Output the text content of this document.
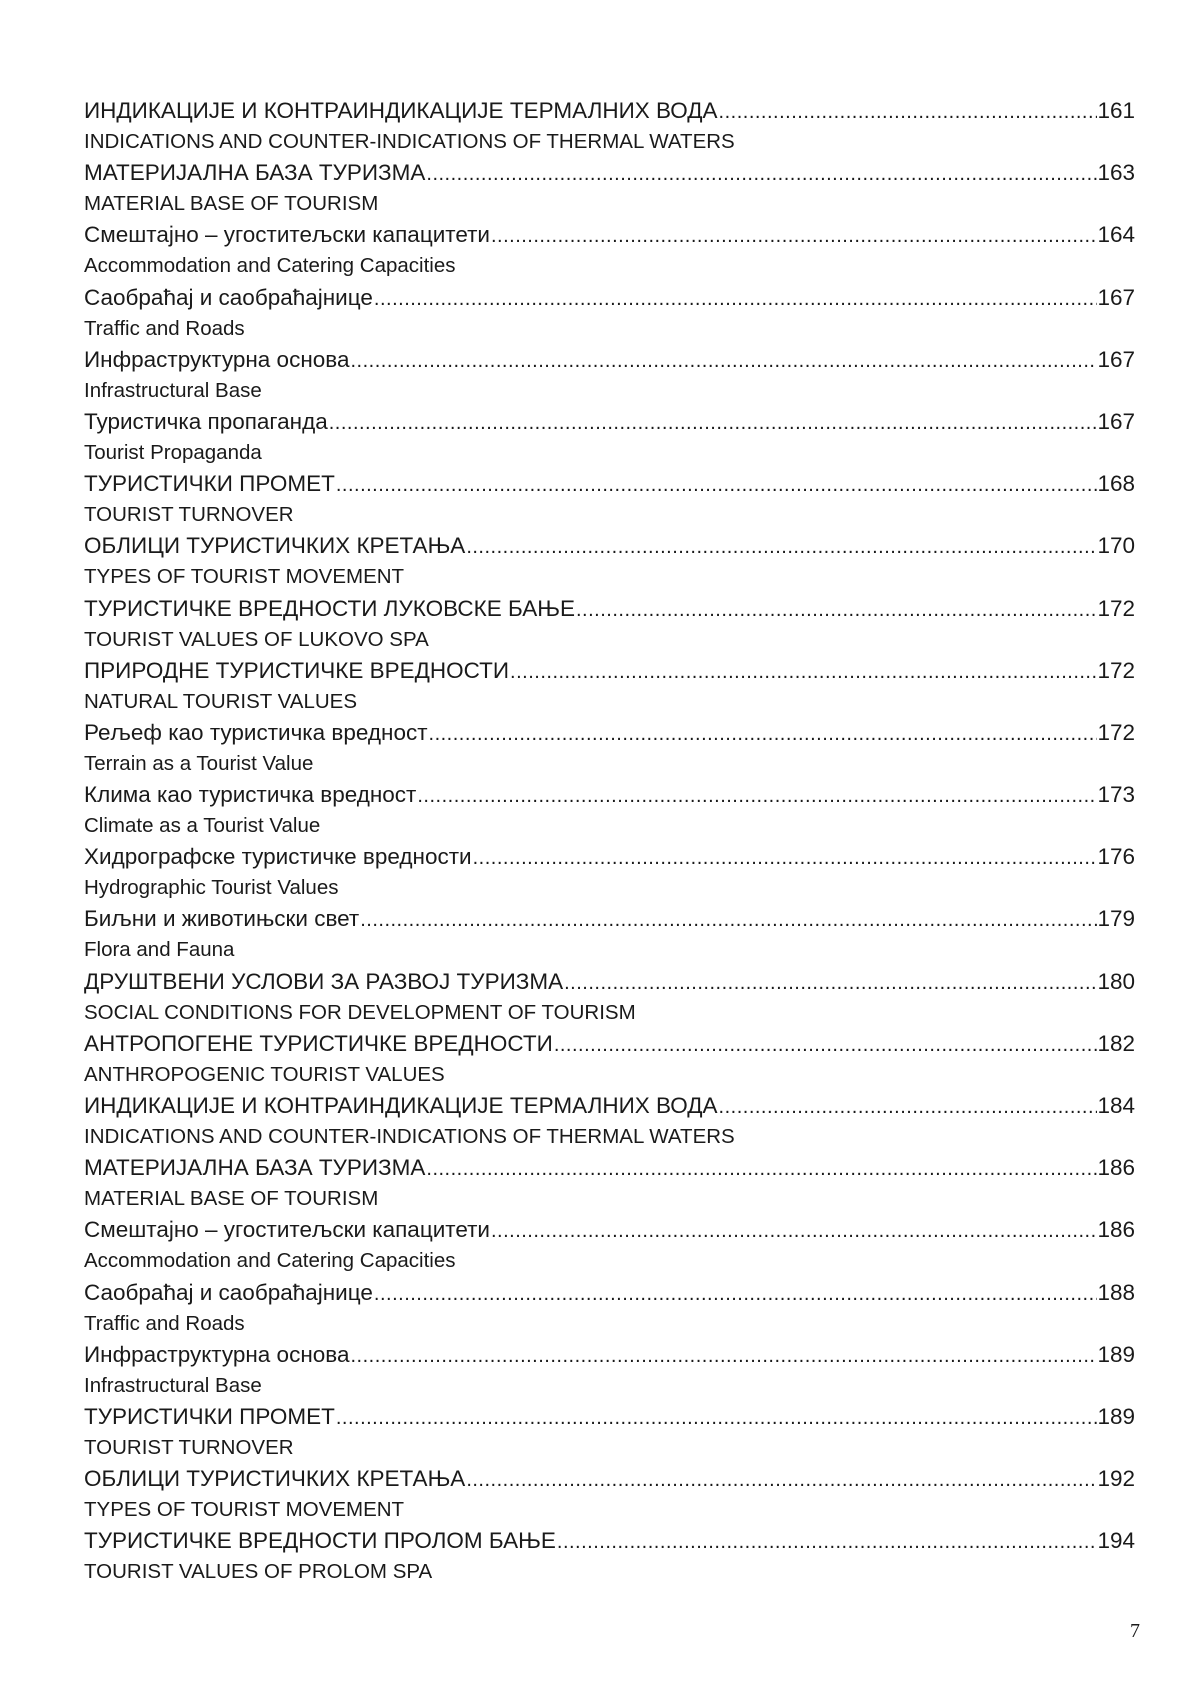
ИНДИКАЦИЈЕ И КОНТРАИНДИКАЦИЈЕ ТЕРМАЛНИХ ВОДА .....	161
INDICATIONS AND COUNTER-INDICATIONS OF THERMAL WATERS
МАТЕРИЈАЛНА БАЗА ТУРИЗМА .....	163
MATERIAL BASE OF TOURISM
Смештајно – угоститељски капацитети .....	164
Accommodation and Catering Capacities
Саобраћај и саобраћајнице .....	167
Traffic and Roads
Инфраструктурна основа .....	167
Infrastructural Base
Туристичка пропаганда .....	167
Tourist Propaganda
ТУРИСТИЧКИ ПРОМЕТ .....	168
TOURIST TURNOVER
ОБЛИЦИ ТУРИСТИЧКИХ КРЕТАЊА .....	170
TYPES OF TOURIST MOVEMENT
ТУРИСТИЧКЕ ВРЕДНОСТИ ЛУКОВСКЕ БАЊЕ .....	172
TOURIST VALUES OF LUKOVO SPA
ПРИРОДНЕ ТУРИСТИЧКЕ ВРЕДНОСТИ .....	172
NATURAL TOURIST VALUES
Рељеф као туристичка вредност .....	172
Terrain as a Tourist Value
Клима као туристичка вредност .....	173
Climate as a Tourist Value
Хидрографске туристичке вредности .....	176
Hydrographic Tourist Values
Биљни и животињски свет .....	179
Flora and Fauna
ДРУШТВЕНИ УСЛОВИ ЗА РАЗВОЈ ТУРИЗМА .....	180
SOCIAL CONDITIONS FOR DEVELOPMENT OF TOURISM
АНТРОПОГЕНЕ ТУРИСТИЧКЕ ВРЕДНОСТИ .....	182
ANTHROPOGENIC TOURIST VALUES
ИНДИКАЦИЈЕ И КОНТРАИНДИКАЦИЈЕ ТЕРМАЛНИХ ВОДА .....	184
INDICATIONS AND COUNTER-INDICATIONS OF THERMAL WATERS
МАТЕРИЈАЛНА БАЗА ТУРИЗМА .....	186
MATERIAL BASE OF TOURISM
Смештајно – угоститељски капацитети .....	186
Accommodation and Catering Capacities
Саобраћај и саобраћајнице .....	188
Traffic and Roads
Инфраструктурна основа .....	189
Infrastructural Base
ТУРИСТИЧКИ ПРОМЕТ .....	189
TOURIST TURNOVER
ОБЛИЦИ ТУРИСТИЧКИХ КРЕТАЊА .....	192
TYPES OF TOURIST MOVEMENT
ТУРИСТИЧКЕ ВРЕДНОСТИ ПРОЛОМ БАЊЕ .....	194
TOURIST VALUES OF PROLOM SPA
7
